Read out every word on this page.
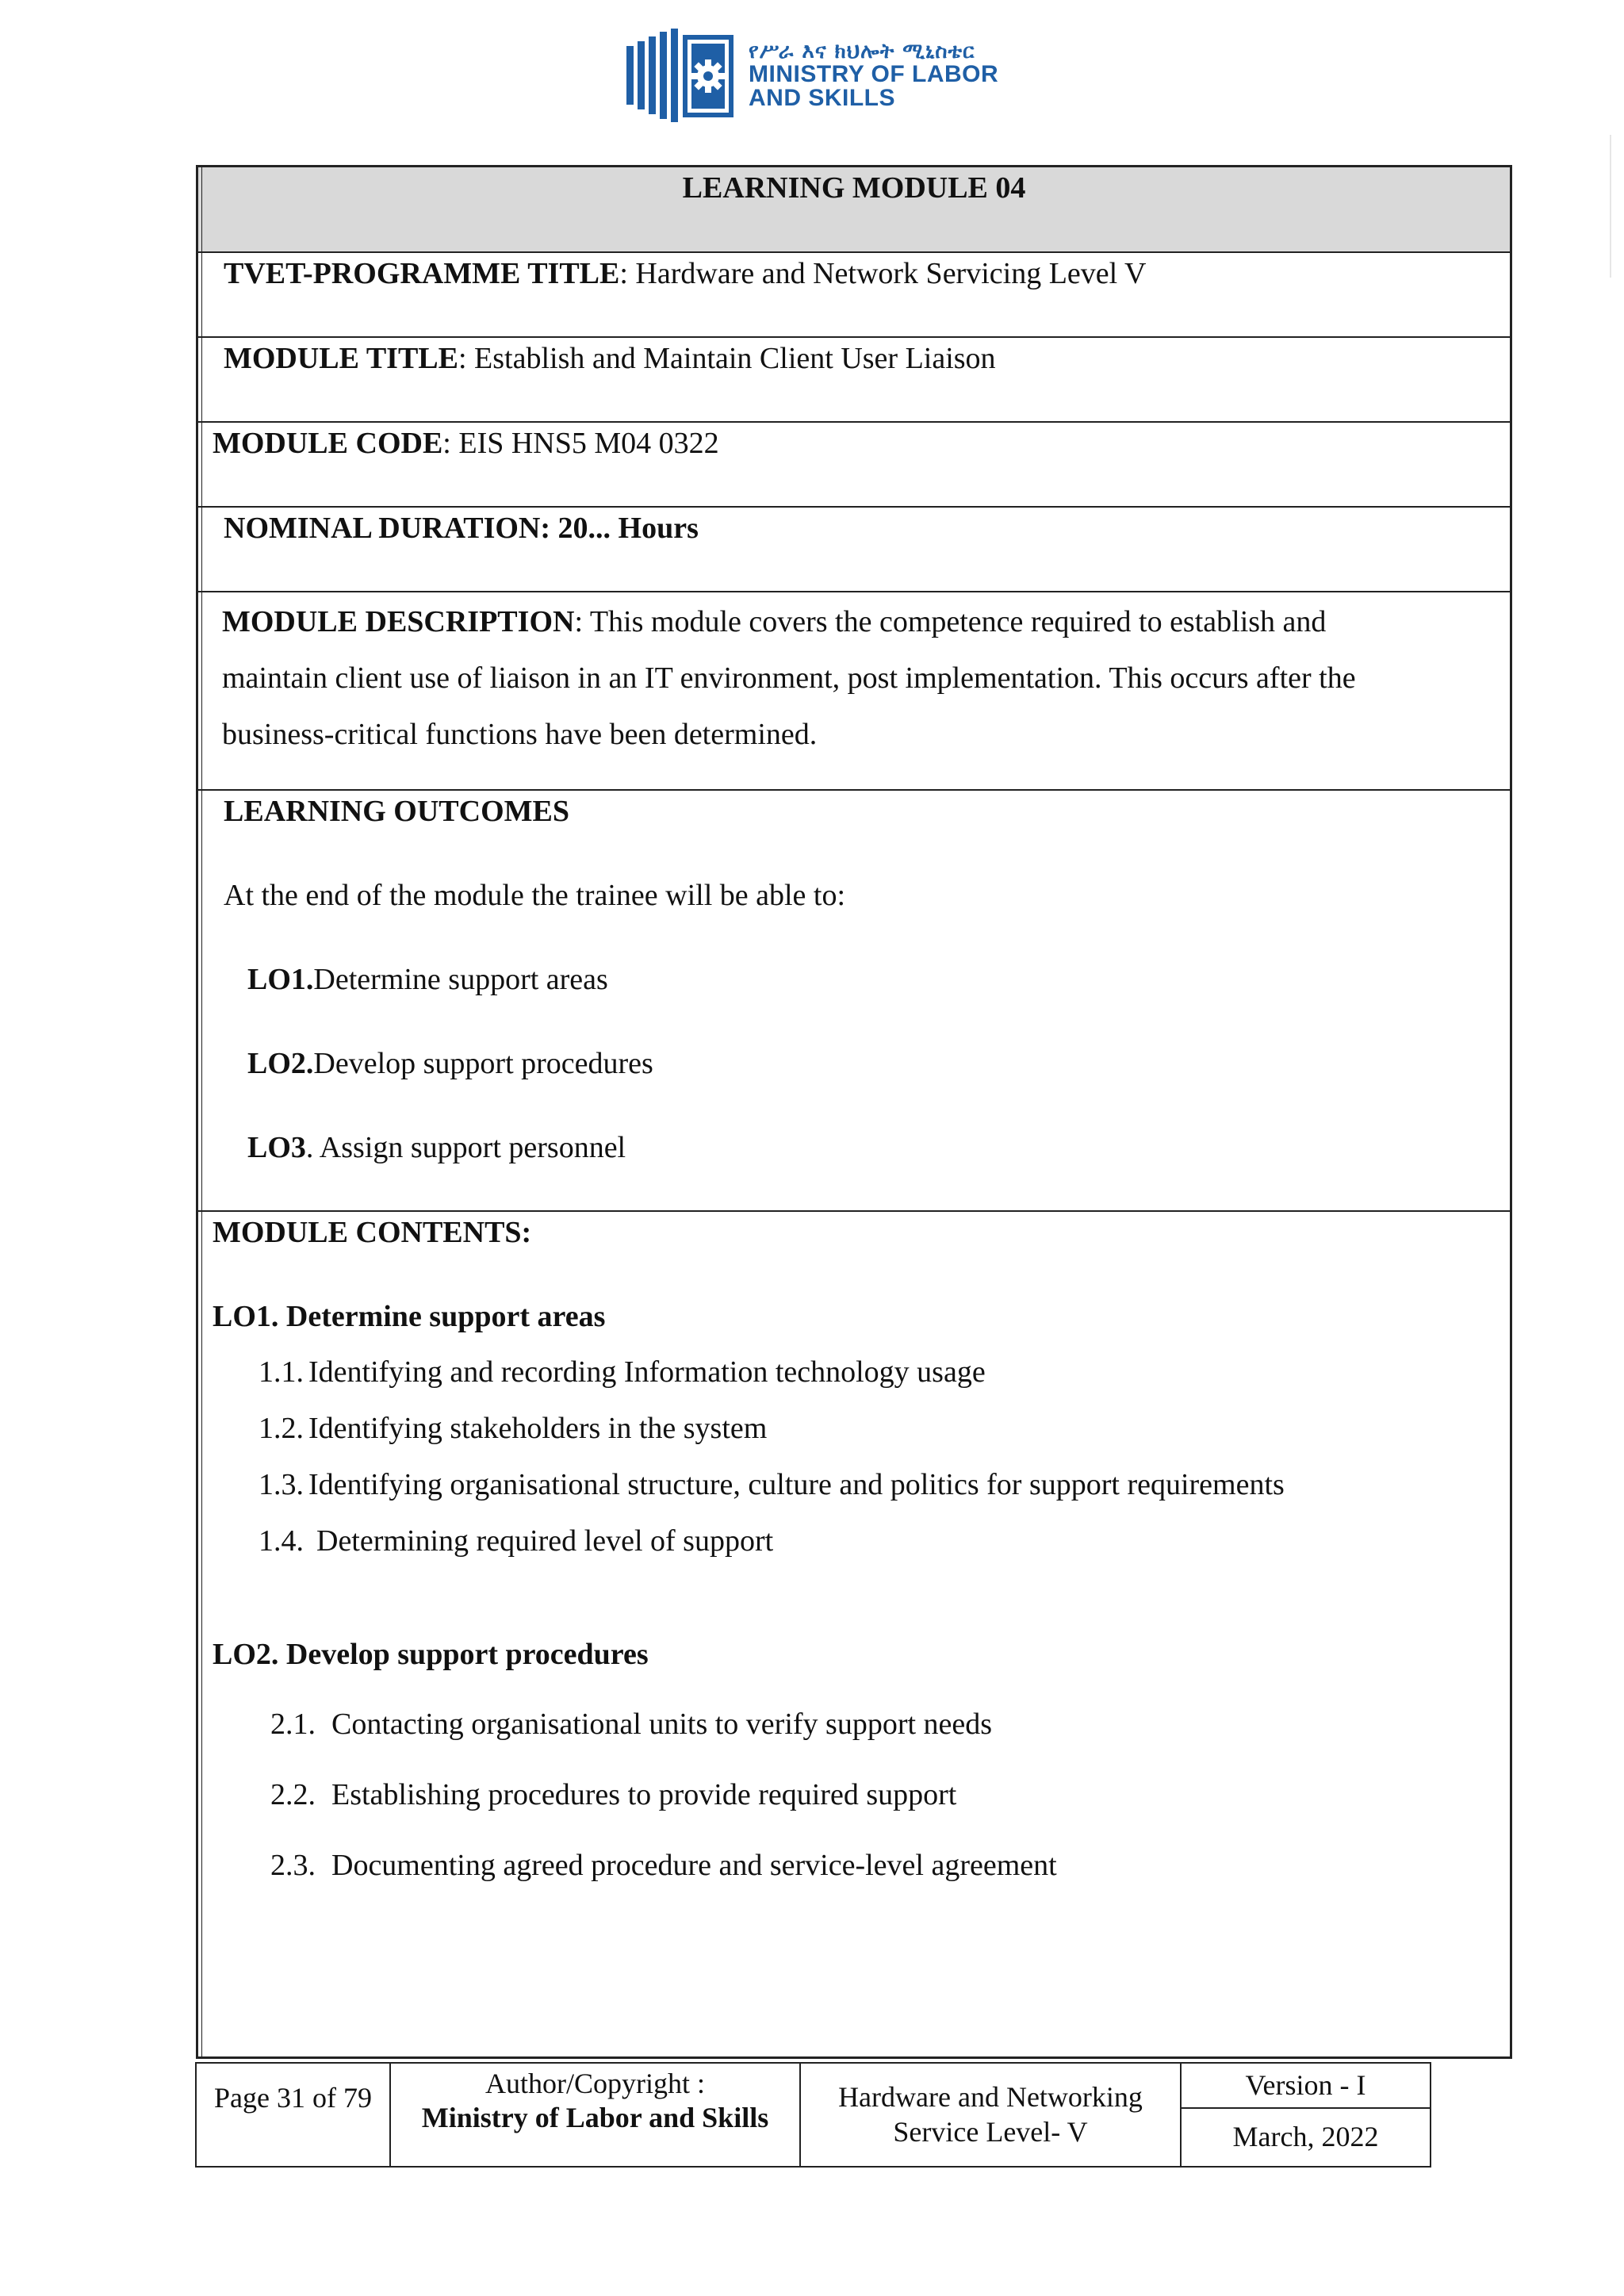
የሥራ እና ክህሎት ሚኒስቴር
MINISTRY OF LABOR
AND SKILLS
LEARNING MODULE 04
TVET-PROGRAMME TITLE: Hardware and Network Servicing Level V
MODULE TITLE: Establish and Maintain Client User Liaison
MODULE CODE: EIS HNS5 M04 0322
NOMINAL DURATION: 20... Hours
MODULE DESCRIPTION: This module covers the competence required to establish and
maintain client use of liaison in an IT environment, post implementation. This occurs after the
business-critical functions have been determined.
LEARNING OUTCOMES
At the end of the module the trainee will be able to:
LO1.Determine support areas
LO2.Develop support procedures
LO3. Assign support personnel
MODULE CONTENTS:
LO1. Determine support areas
1.1. Identifying and recording Information technology usage
1.2. Identifying stakeholders in the system
1.3. Identifying organisational structure, culture and politics for support requirements
1.4. Determining required level of support
LO2. Develop support procedures
2.1. Contacting organisational units to verify support needs
2.2. Establishing procedures to provide required support
2.3. Documenting agreed procedure and service-level agreement
Page 31 of 79	Author/Copyright :
Ministry of Labor and Skills
Hardware and Networking
Service Level- V
Version - I
March, 2022
